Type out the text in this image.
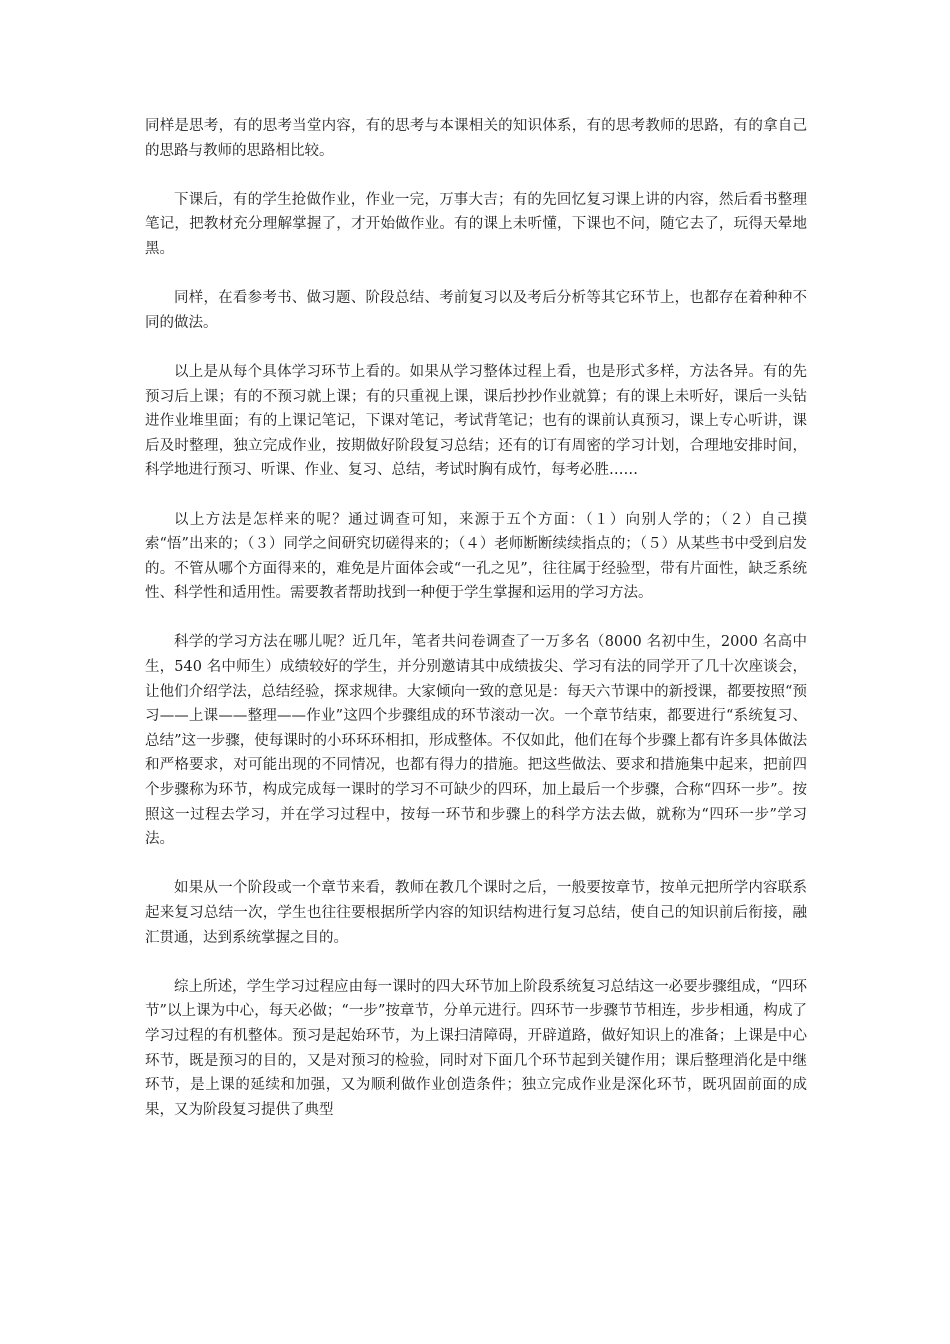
同样是思考，有的思考当堂内容，有的思考与本课相关的知识体系，有的思考教师的思路，有的拿自己的思路与教师的思路相比较。

下课后，有的学生抢做作业，作业一完，万事大吉；有的先回忆复习课上讲的内容，然后看书整理笔记，把教材充分理解掌握了，才开始做作业。有的课上未听懂，下课也不问，随它去了，玩得天晕地黑。

同样，在看参考书、做习题、阶段总结、考前复习以及考后分析等其它环节上，也都存在着种种不同的做法。

以上是从每个具体学习环节上看的。如果从学习整体过程上看，也是形式多样，方法各异。有的先预习后上课；有的不预习就上课；有的只重视上课，课后抄抄作业就算；有的课上未听好，课后一头钻进作业堆里面；有的上课记笔记，下课对笔记，考试背笔记；也有的课前认真预习，课上专心听讲，课后及时整理，独立完成作业，按期做好阶段复习总结；还有的订有周密的学习计划，合理地安排时间，科学地进行预习、听课、作业、复习、总结，考试时胸有成竹，每考必胜……

以上方法是怎样来的呢？通过调查可知，来源于五个方面：（１）向别人学的；（２）自己摸索“悟”出来的；（３）同学之间研究切磋得来的；（４）老师断断续续指点的；（５）从某些书中受到启发的。不管从哪个方面得来的，难免是片面体会或“一孔之见”，往往属于经验型，带有片面性，缺乏系统性、科学性和适用性。需要教者帮助找到一种便于学生掌握和运用的学习方法。

科学的学习方法在哪儿呢？近几年，笔者共问卷调查了一万多名（8000 名初中生，2000 名高中生，540 名中师生）成绩较好的学生，并分别邀请其中成绩拔尖、学习有法的同学开了几十次座谈会，让他们介绍学法，总结经验，探求规律。大家倾向一致的意见是：每天六节课中的新授课，都要按照“预习——上课——整理——作业”这四个步骤组成的环节滚动一次。一个章节结束，都要进行“系统复习、总结”这一步骤，使每课时的小环环环相扣，形成整体。不仅如此，他们在每个步骤上都有许多具体做法和严格要求，对可能出现的不同情况，也都有得力的措施。把这些做法、要求和措施集中起来，把前四个步骤称为环节，构成完成每一课时的学习不可缺少的四环，加上最后一个步骤，合称“四环一步”。按照这一过程去学习，并在学习过程中，按每一环节和步骤上的科学方法去做，就称为“四环一步”学习法。

如果从一个阶段或一个章节来看，教师在教几个课时之后，一般要按章节，按单元把所学内容联系起来复习总结一次，学生也往往要根据所学内容的知识结构进行复习总结，使自己的知识前后衔接，融汇贯通，达到系统掌握之目的。

综上所述，学生学习过程应由每一课时的四大环节加上阶段系统复习总结这一必要步骤组成，“四环节”以上课为中心，每天必做；“一步”按章节，分单元进行。四环节一步骤节节相连，步步相通，构成了学习过程的有机整体。预习是起始环节，为上课扫清障碍，开辟道路，做好知识上的准备；上课是中心环节，既是预习的目的，又是对预习的检验，同时对下面几个环节起到关键作用；课后整理消化是中继环节，是上课的延续和加强，又为顺利做作业创造条件；独立完成作业是深化环节，既巩固前面的成果，又为阶段复习提供了典型
